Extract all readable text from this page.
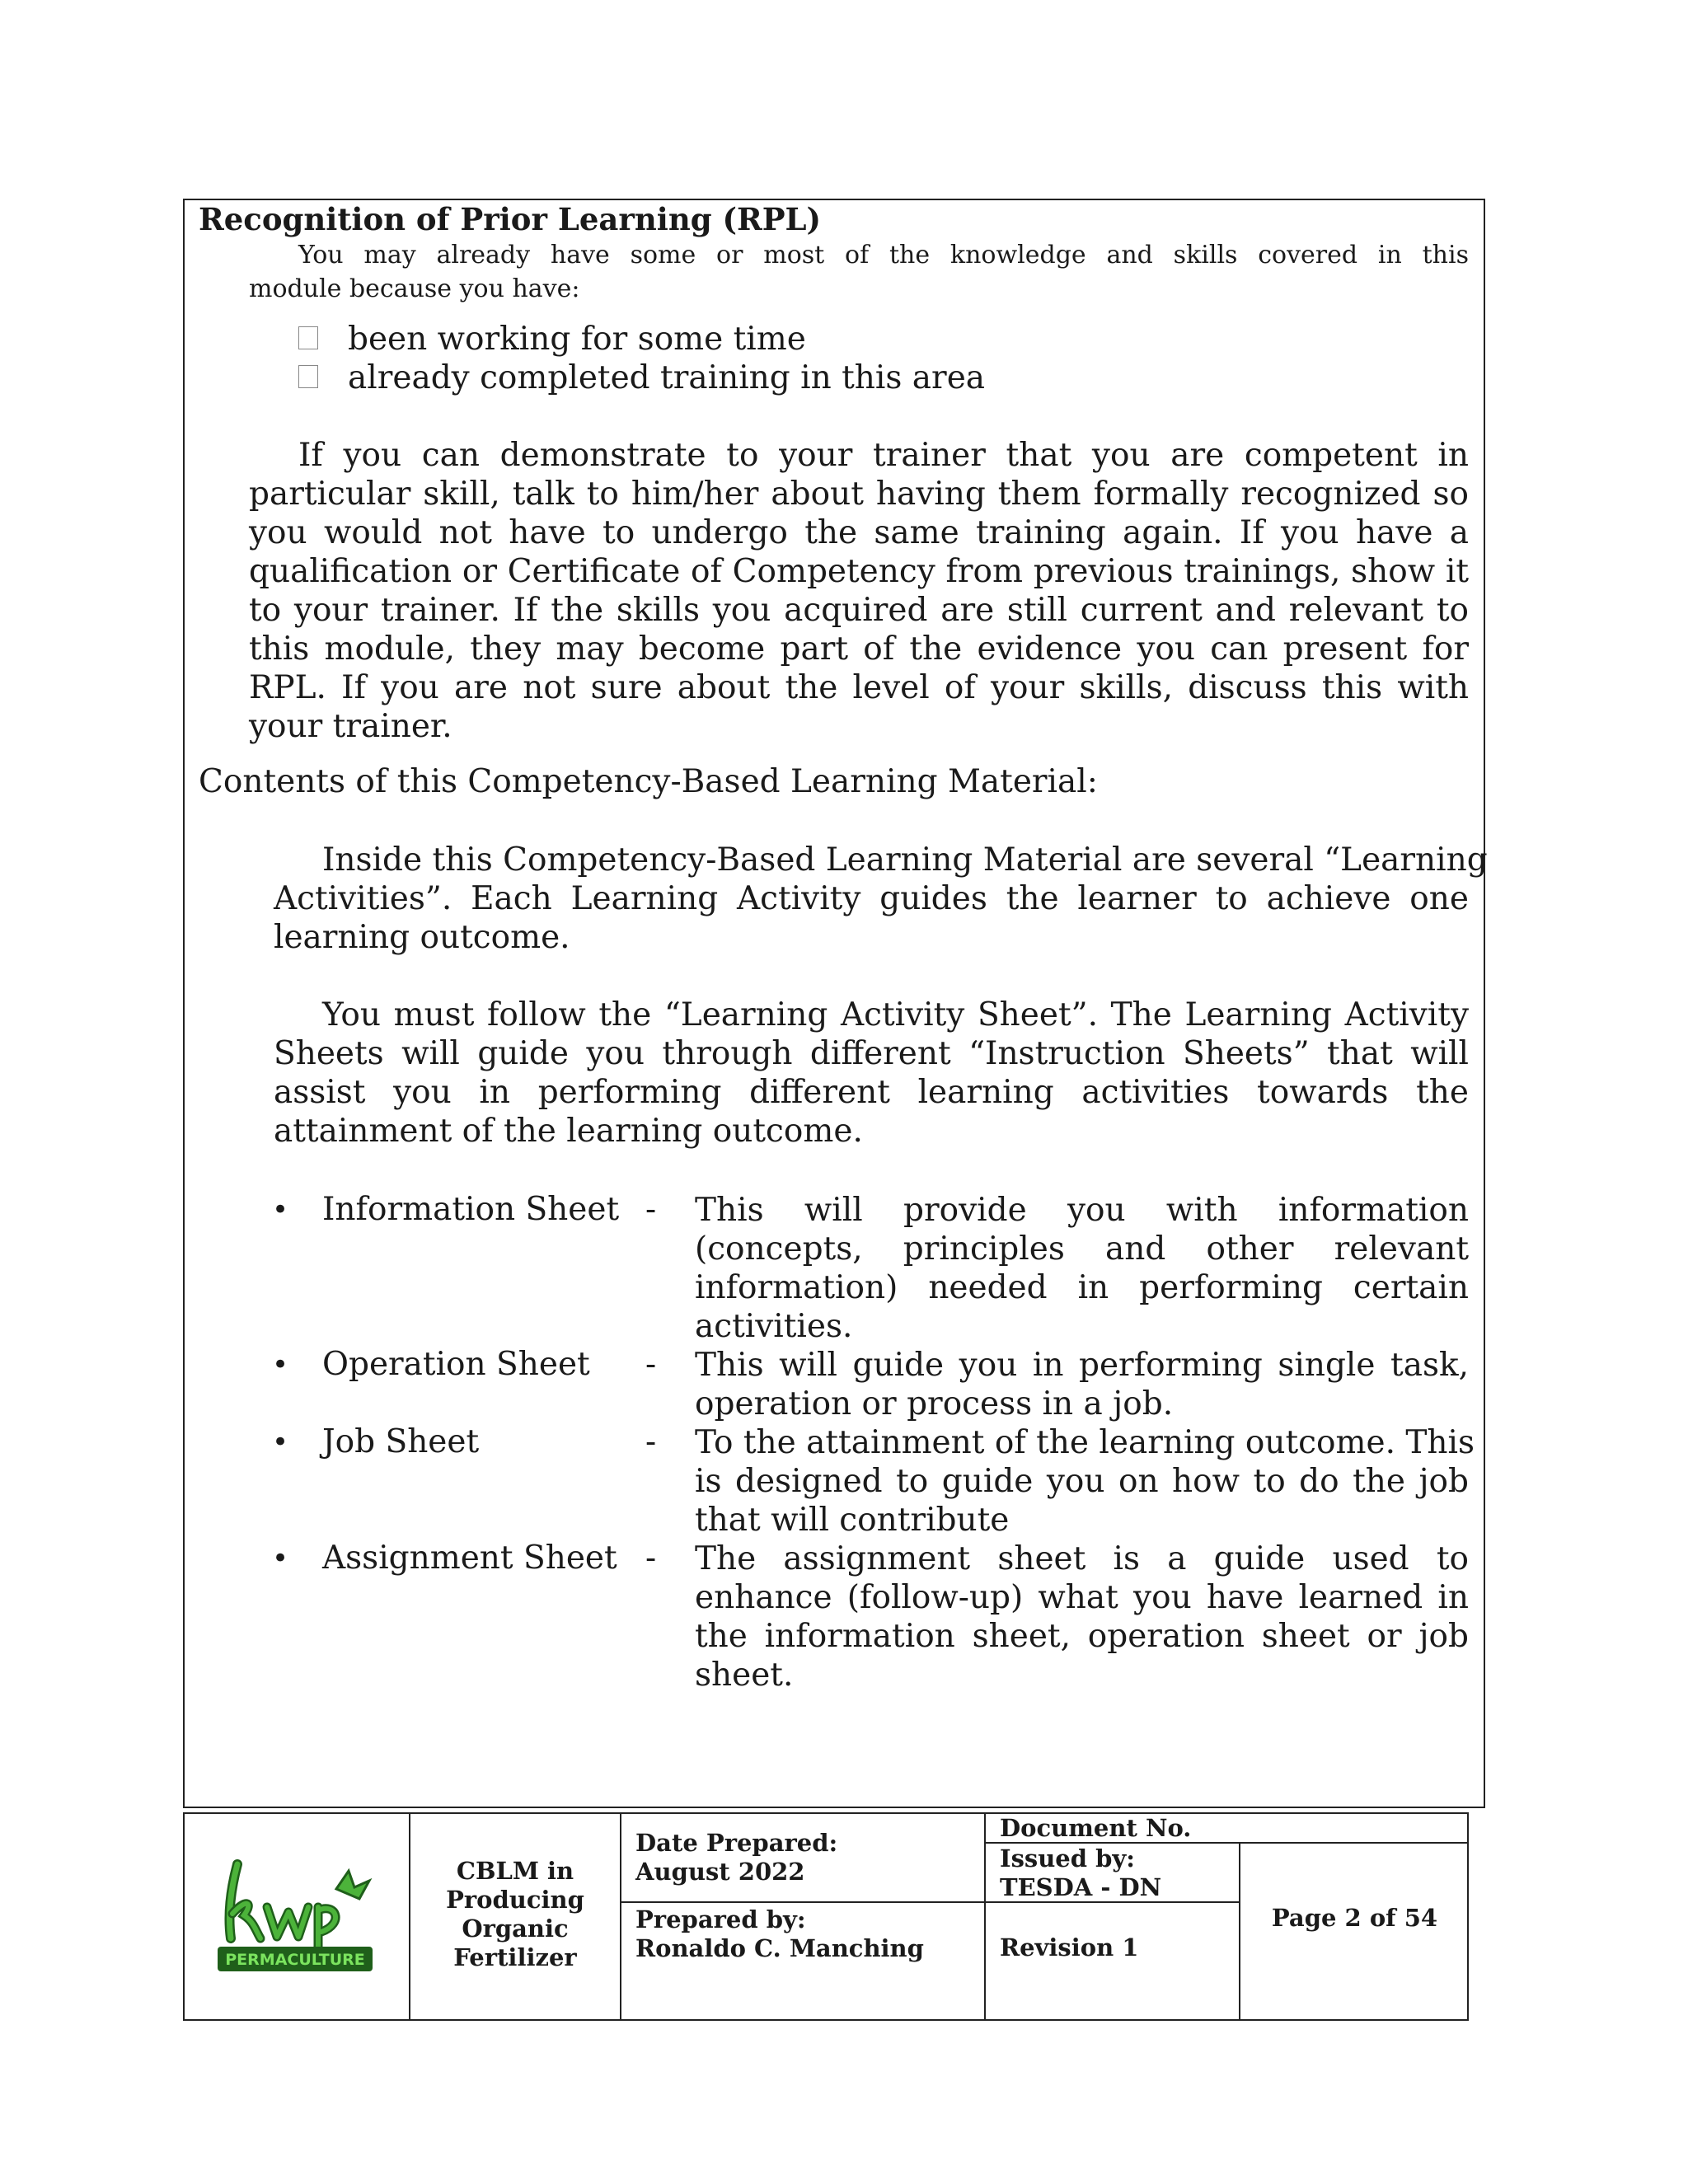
Recognition of Prior Learning (RPL)
You may already have some or most of the knowledge and skills covered in this
module because you have:
been working for some time
already completed training in this area
If you can demonstrate to your trainer that you are competent in
particular skill, talk to him/her about having them formally recognized so
you would not have to undergo the same training again. If you have a
qualification or Certificate of Competency from previous trainings, show it
to your trainer. If the skills you acquired are still current and relevant to
this module, they may become part of the evidence you can present for
RPL. If you are not sure about the level of your skills, discuss this with
your trainer.
Contents of this Competency-Based Learning Material:
Inside this Competency-Based Learning Material are several “Learning
Activities”. Each Learning Activity guides the learner to achieve one
learning outcome.
You must follow the “Learning Activity Sheet”. The Learning Activity
Sheets will guide you through different “Instruction Sheets” that will
assist you in performing different learning activities towards the
attainment of the learning outcome.
• Information Sheet - This will provide you with information
(concepts, principles and other relevant
information) needed in performing certain
activities.
• Operation Sheet - This will guide you in performing single task,
operation or process in a job.
• Job Sheet	- To the attainment of the learning outcome. This
is designed to guide you on how to do the job
that will contribute
• Assignment Sheet - The assignment sheet is a guide used to
enhance (follow-up) what you have learned in
the information sheet, operation sheet or job
sheet.
PERMACULTURE
CBLM in
Producing
Organic
Fertilizer
Date Prepared:
August 2022
Prepared by:
Ronaldo C. Manching
Document No.
Issued by:
TESDA - DN
Revision 1
Page 2 of 54
